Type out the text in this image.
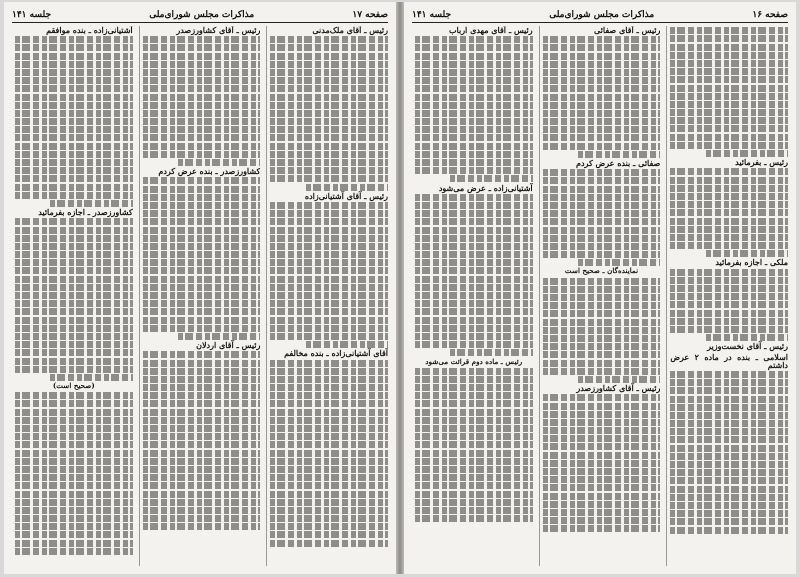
صفحه ۱۷
مذاکرات مجلس شورای‌ملی
جلسه ۱۴۱

رئیس ـ آقای ملک‌مدنی

رئیس ـ آقای آشتیانی‌زاده

آقای آشتیانی‌زاده ـ بنده مخالفم

رئیس ـ آقای کشاورز‌صدر

کشاورز‌صدر ـ بنده عرض کردم

رئیس ـ آقای اردلان

آشتیانی‌زاده ـ بنده موافقم

کشاورز‌صدر ـ اجازه بفرمائید

(صحیح است)

صفحه ۱۶
مذاکرات مجلس شورای‌ملی
جلسه ۱۴۱

رئیس ـ بفرمائید

ملکی ـ اجازه بفرمائید

رئیس ـ آقای نخست‌وزیر

اسلامی ـ بنده در ماده ۲ عرض داشتم

رئیس ـ آقای صفائی

صفائی ـ بنده عرض کردم

نماینده‌گان ـ صحیح است

رئیس ـ آقای کشاورز‌صدر

رئیس ـ آقای مهدی ارباب

آشتیانی‌زاده ـ عرض می‌شود

رئیس ـ ماده دوم قرائت می‌شود
